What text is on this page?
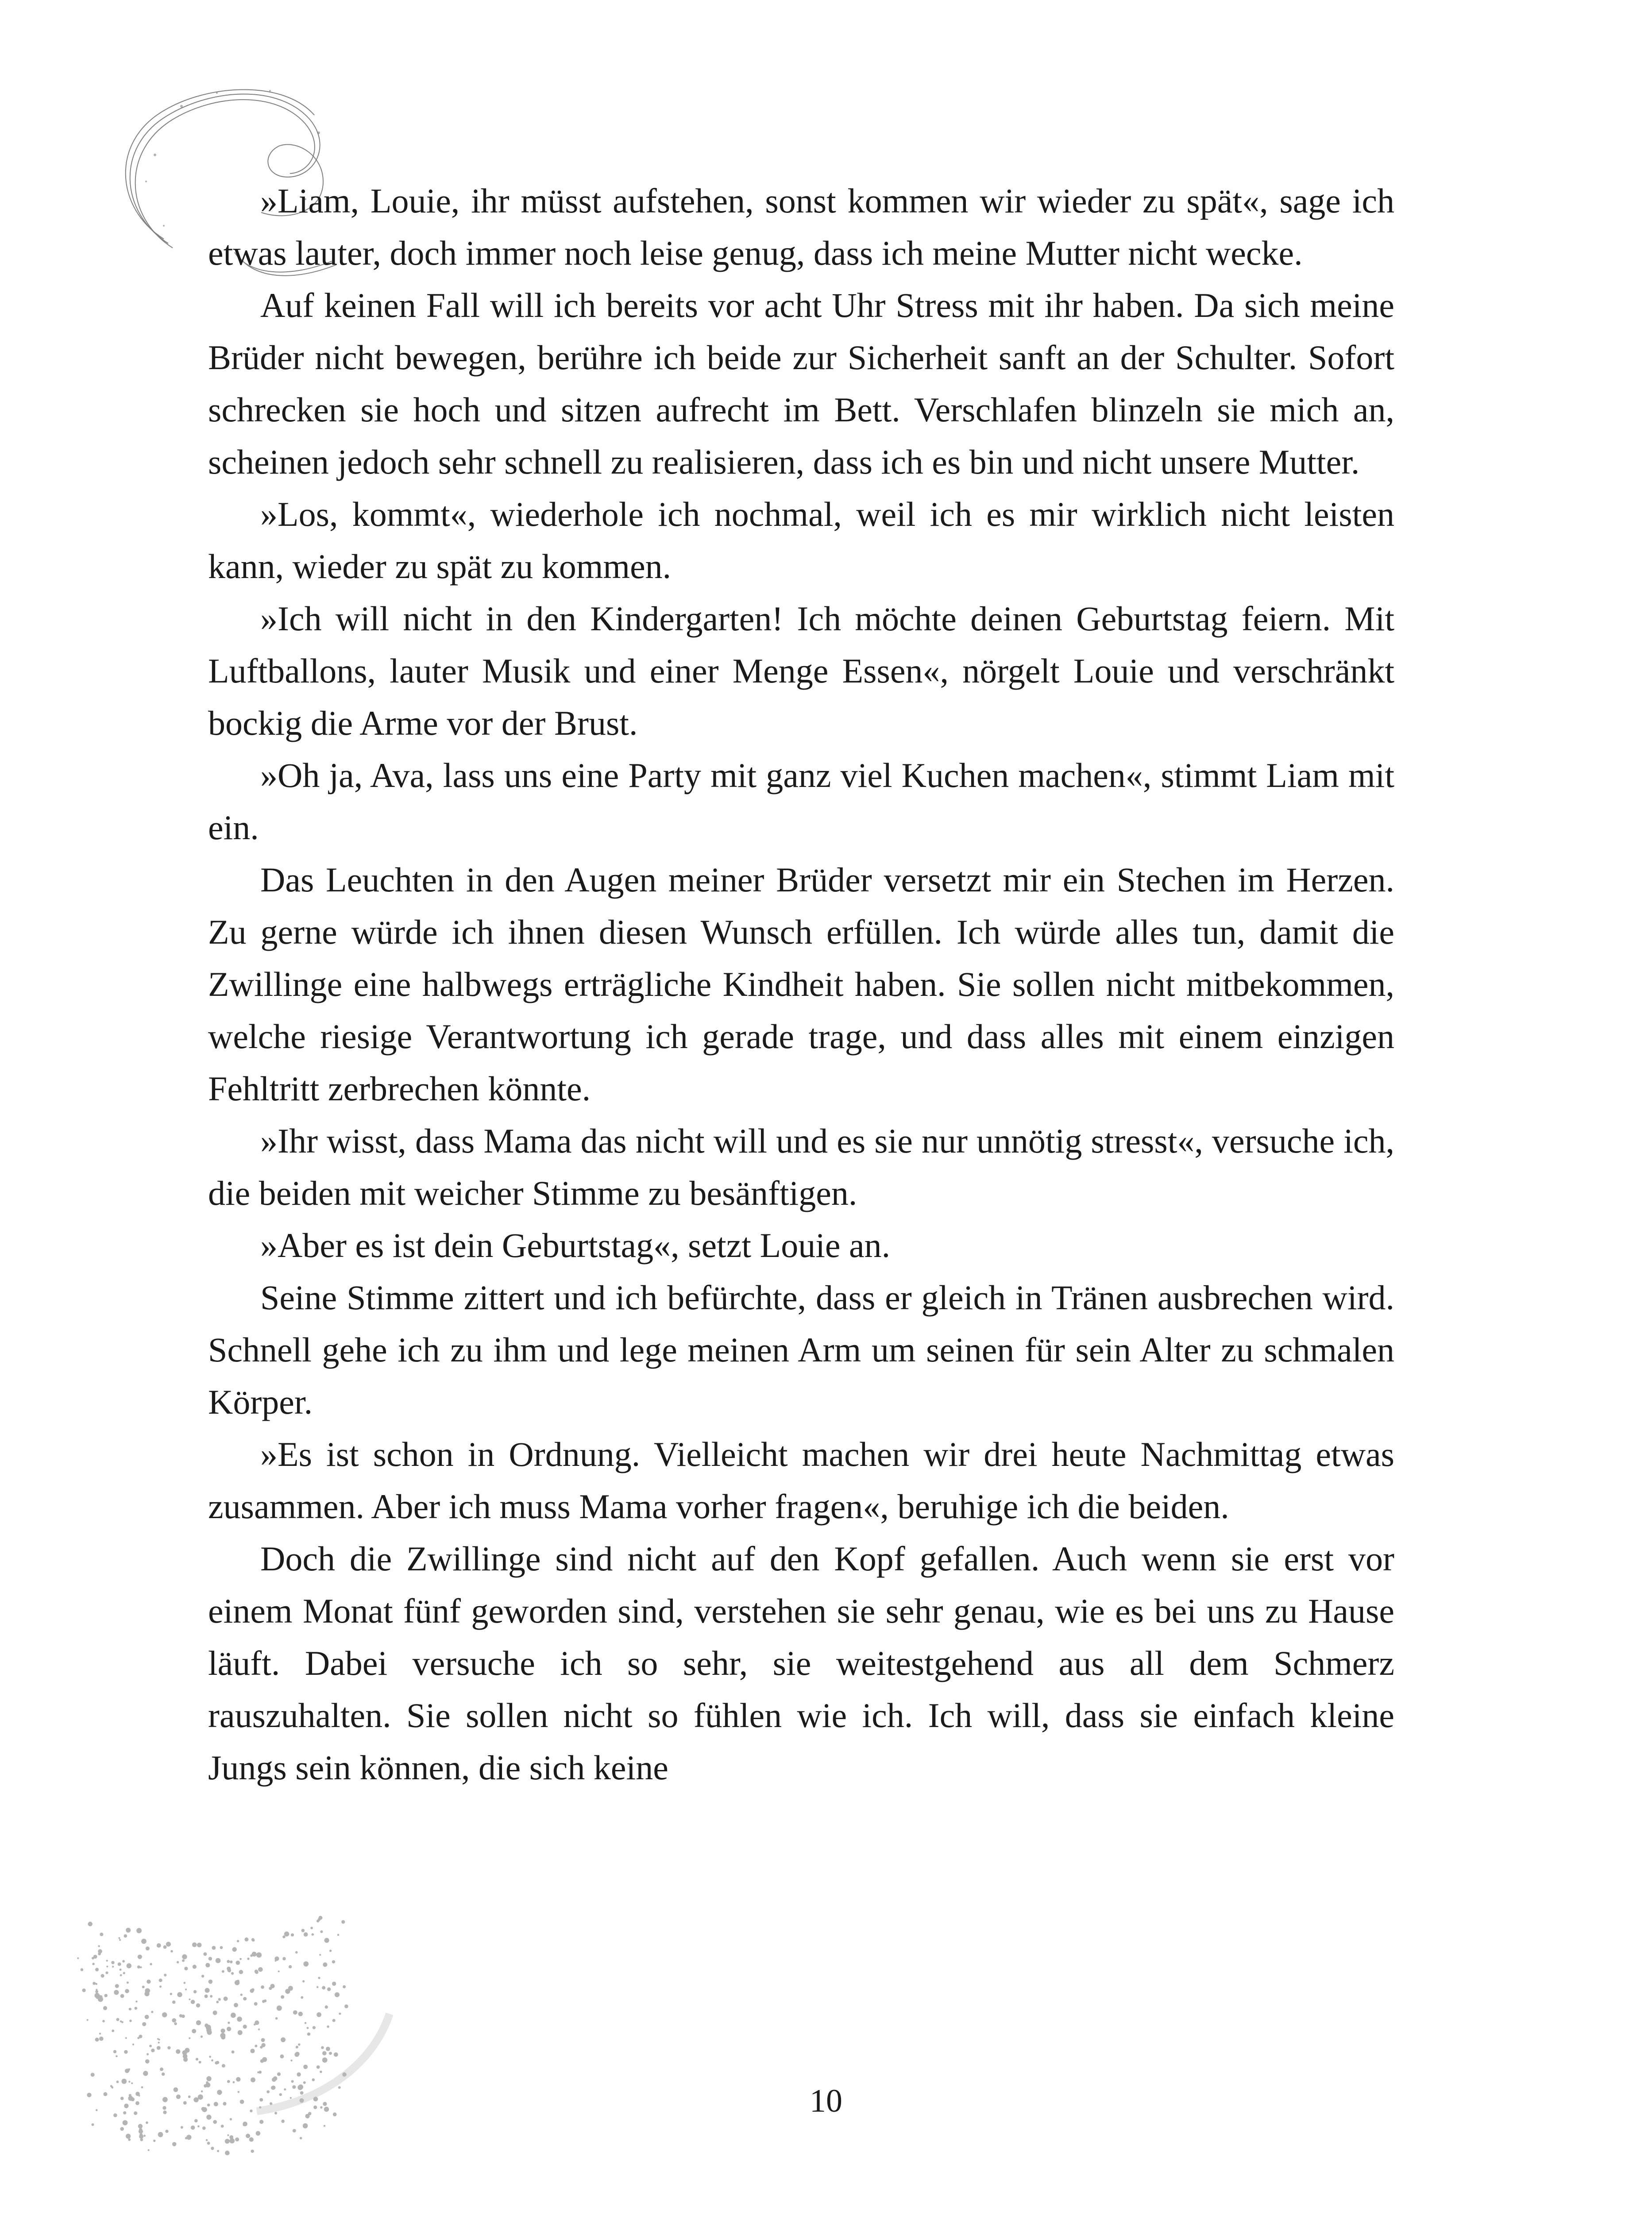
»Liam, Louie, ihr müsst aufstehen, sonst kommen wir wieder zu spät«, sage ich etwas lauter, doch immer noch leise genug, dass ich meine Mutter nicht wecke.

Auf keinen Fall will ich bereits vor acht Uhr Stress mit ihr haben. Da sich meine Brüder nicht bewegen, berühre ich beide zur Sicherheit sanft an der Schulter. Sofort schrecken sie hoch und sitzen aufrecht im Bett. Verschlafen blinzeln sie mich an, scheinen jedoch sehr schnell zu realisieren, dass ich es bin und nicht unsere Mutter.

»Los, kommt«, wiederhole ich nochmal, weil ich es mir wirklich nicht leisten kann, wieder zu spät zu kommen.

»Ich will nicht in den Kindergarten! Ich möchte deinen Geburtstag feiern. Mit Luftballons, lauter Musik und einer Menge Essen«, nörgelt Louie und verschränkt bockig die Arme vor der Brust.

»Oh ja, Ava, lass uns eine Party mit ganz viel Kuchen machen«, stimmt Liam mit ein.

Das Leuchten in den Augen meiner Brüder versetzt mir ein Stechen im Herzen. Zu gerne würde ich ihnen diesen Wunsch erfüllen. Ich würde alles tun, damit die Zwillinge eine halbwegs erträgliche Kindheit haben. Sie sollen nicht mitbekommen, welche riesige Verantwortung ich gerade trage, und dass alles mit einem einzigen Fehltritt zerbrechen könnte.

»Ihr wisst, dass Mama das nicht will und es sie nur unnötig stresst«, versuche ich, die beiden mit weicher Stimme zu besänftigen.

»Aber es ist dein Geburtstag«, setzt Louie an.

Seine Stimme zittert und ich befürchte, dass er gleich in Tränen ausbrechen wird. Schnell gehe ich zu ihm und lege meinen Arm um seinen für sein Alter zu schmalen Körper.

»Es ist schon in Ordnung. Vielleicht machen wir drei heute Nachmittag etwas zusammen. Aber ich muss Mama vorher fragen«, beruhige ich die beiden.

Doch die Zwillinge sind nicht auf den Kopf gefallen. Auch wenn sie erst vor einem Monat fünf geworden sind, verstehen sie sehr genau, wie es bei uns zu Hause läuft. Dabei versuche ich so sehr, sie weitestgehend aus all dem Schmerz rauszuhalten. Sie sollen nicht so fühlen wie ich. Ich will, dass sie einfach kleine Jungs sein können, die sich keine

10
